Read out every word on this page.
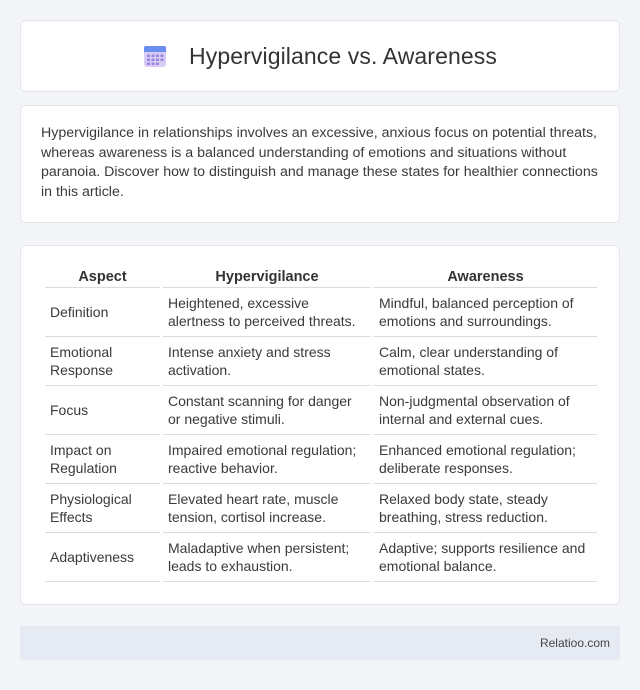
Hypervigilance vs. Awareness

Hypervigilance in relationships involves an excessive, anxious focus on potential threats, whereas awareness is a balanced understanding of emotions and situations without paranoia. Discover how to distinguish and manage these states for healthier connections in this article.

Aspect	Hypervigilance	Awareness
Definition	Heightened, excessive alertness to perceived threats.	Mindful, balanced perception of emotions and surroundings.
Emotional Response	Intense anxiety and stress activation.	Calm, clear understanding of emotional states.
Focus	Constant scanning for danger or negative stimuli.	Non-judgmental observation of internal and external cues.
Impact on Regulation	Impaired emotional regulation; reactive behavior.	Enhanced emotional regulation; deliberate responses.
Physiological Effects	Elevated heart rate, muscle tension, cortisol increase.	Relaxed body state, steady breathing, stress reduction.
Adaptiveness	Maladaptive when persistent; leads to exhaustion.	Adaptive; supports resilience and emotional balance.
Relatioo.com
